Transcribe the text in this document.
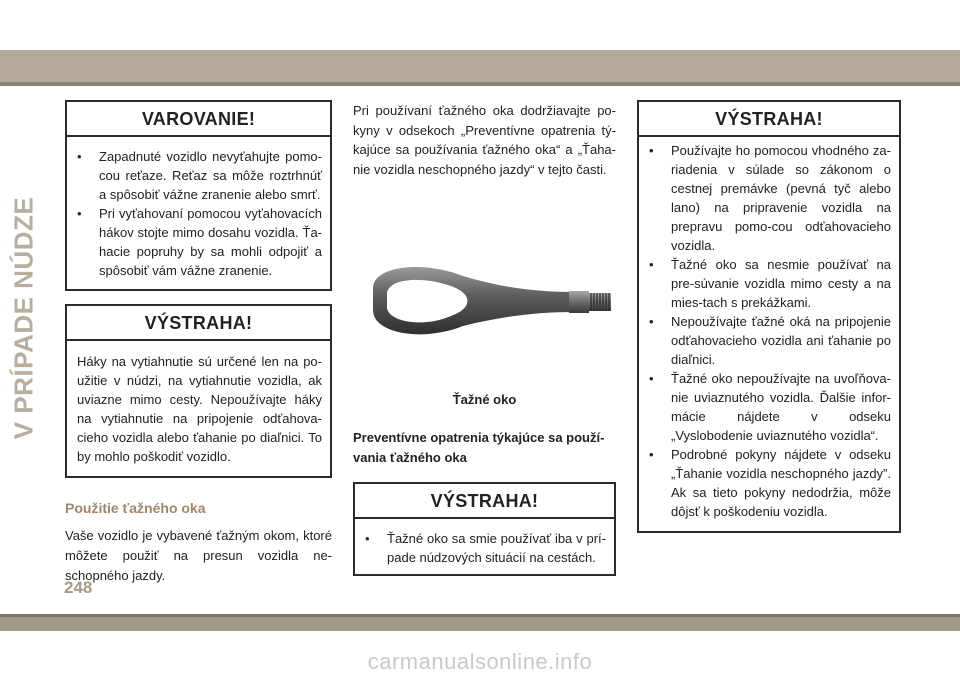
V PRÍPADE NÚDZE
VAROVANIE!
• Zapadnuté vozidlo nevyťahujte pomo-cou reťaze. Reťaz sa môže roztrhnúť a spôsobiť vážne zranenie alebo smrť.
• Pri vyťahovaní pomocou vyťahovacích hákov stojte mimo dosahu vozidla. Ťa-hacie popruhy by sa mohli odpojiť a spôsobiť vám vážne zranenie.
VÝSTRAHA!

Háky na vytiahnutie sú určené len na po-užitie v núdzi, na vytiahnutie vozidla, ak uviazne mimo cesty. Nepoužívajte háky na vytiahnutie na pripojenie odťahova-cieho vozidla alebo ťahanie po diaľnici. To by mohlo poškodiť vozidlo.

Použitie ťažného oka

Vaše vozidlo je vybavené ťažným okom, ktoré môžete použiť na presun vozidla ne-schopného jazdy.

Pri používaní ťažného oka dodržiavajte po-kyny v odsekoch „Preventívne opatrenia tý-kajúce sa používania ťažného oka“ a „Ťaha-nie vozidla neschopného jazdy“ v tejto časti.

Ťažné oko

Preventívne opatrenia týkajúce sa použí-vania ťažného oka

VÝSTRAHA!
• Ťažné oko sa smie používať iba v prí-pade núdzových situácií na cestách.
VÝSTRAHA!
• Používajte ho pomocou vhodného za-riadenia v súlade so zákonom o cestnej premávke (pevná tyč alebo lano) na pripravenie vozidla na prepravu pomo-cou odťahovacieho vozidla.
• Ťažné oko sa nesmie používať na pre-súvanie vozidla mimo cesty a na mies-tach s prekážkami.
• Nepoužívajte ťažné oká na pripojenie odťahovacieho vozidla ani ťahanie po diaľnici.
• Ťažné oko nepoužívajte na uvoľňova-nie uviaznutého vozidla. Ďalšie infor-mácie nájdete v odseku „Vyslobodenie uviaznutého vozidla“.
• Podrobné pokyny nájdete v odseku „Ťahanie vozidla neschopného jazdy”. Ak sa tieto pokyny nedodržia, môže dôjsť k poškodeniu vozidla.
248
carmanualsonline.info
